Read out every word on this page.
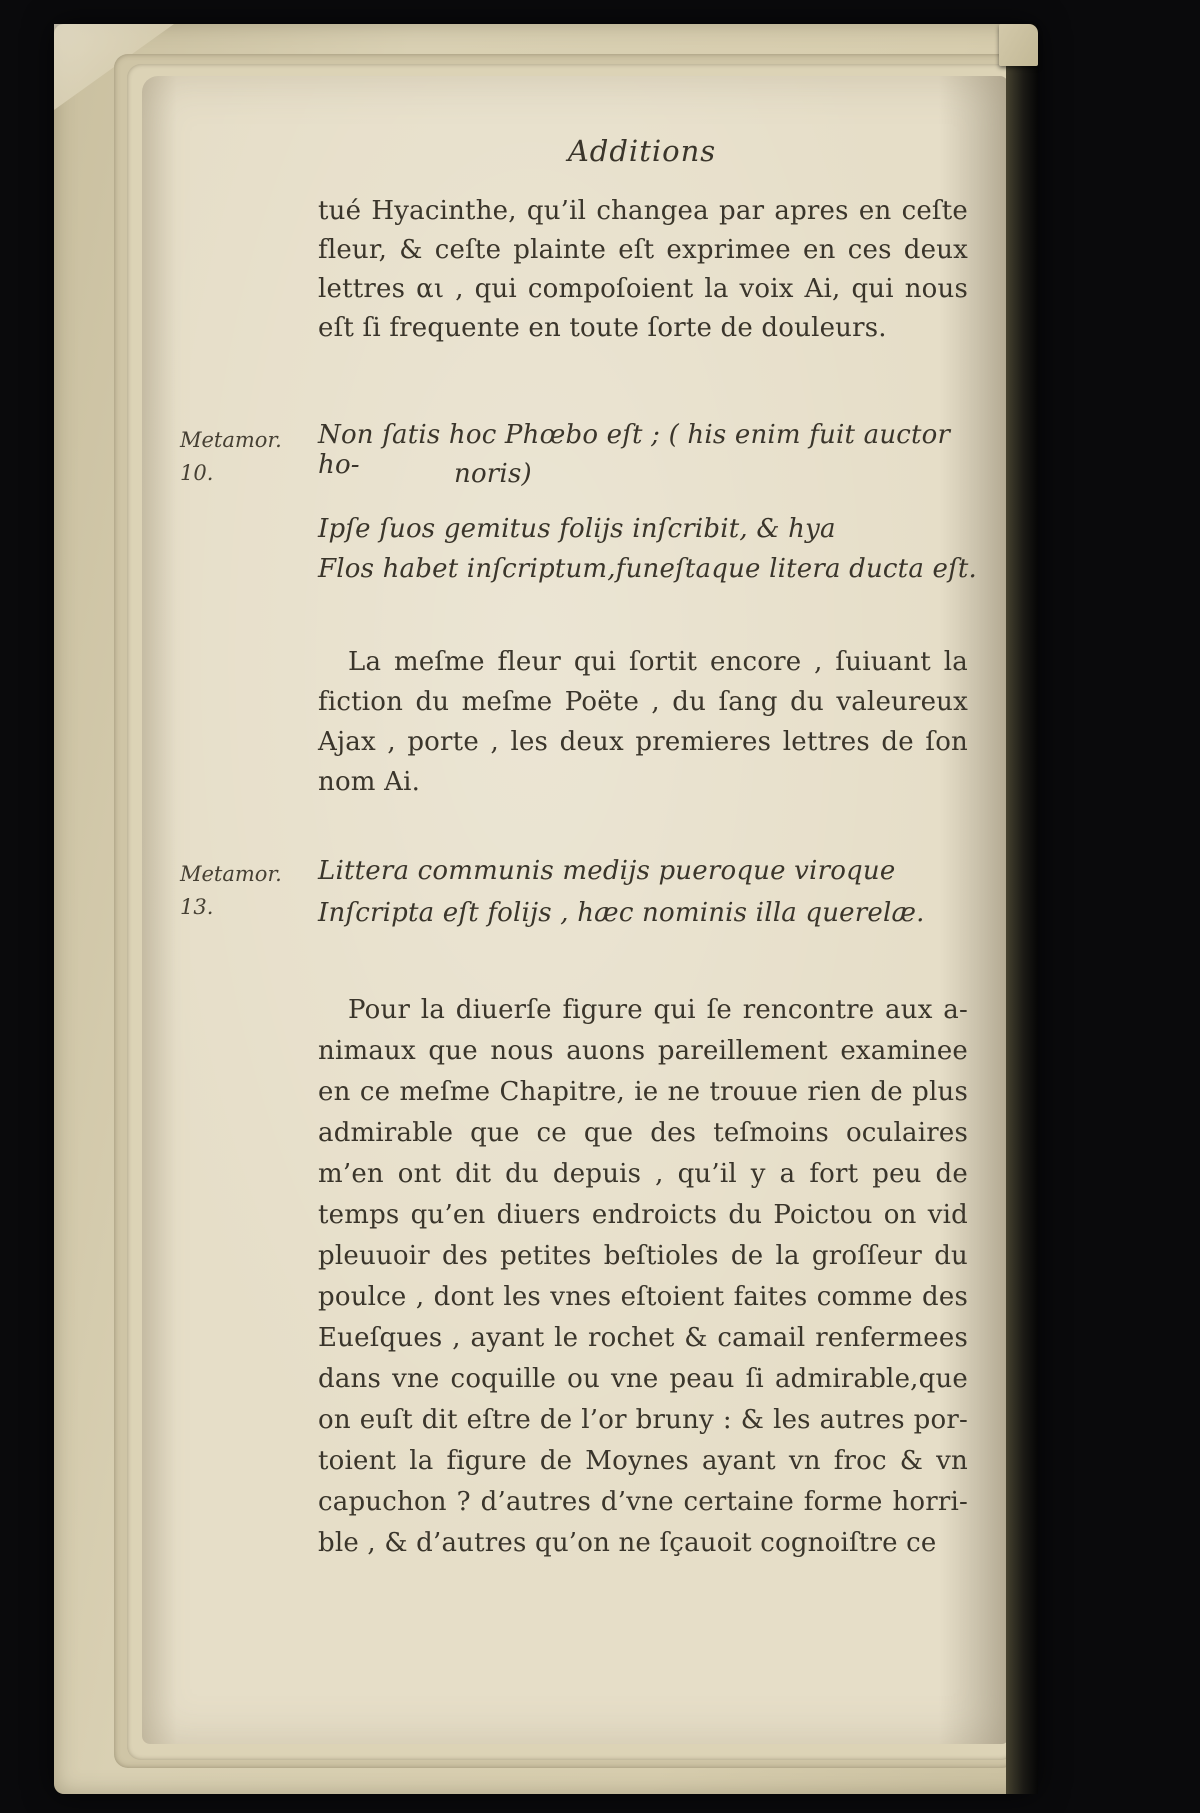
Additions
tué Hyacinthe, qu’il changea par apres en ceſte
fleur, & ceſte plainte eſt exprimee en ces deux
lettres αι , qui compoſoient la voix Ai, qui nous
eſt ſi frequente en toute ſorte de douleurs.
Metamor.
10.
Non ſatis hoc Phœbo eſt ; ( his enim fuit auctor ho-	noris)
Ipſe ſuos gemitus folijs inſcribit, & hya
Flos habet inſcriptum,funeſtaque litera ducta eſt.
La meſme fleur qui ſortit encore , ſuiuant la
fiction du meſme Poëte , du ſang du valeureux
Ajax , porte , les deux premieres lettres de ſon
nom Ai.
Metamor.
13.
Littera communis medijs pueroque viroque
Inſcripta eſt folijs , hæc nominis illa querelæ.
Pour la diuerſe figure qui ſe rencontre aux a-
nimaux que nous auons pareillement examinee
en ce meſme Chapitre, ie ne trouue rien de plus
admirable que ce que des teſmoins oculaires
m’en ont dit du depuis , qu’il y a fort peu de
temps qu’en diuers endroicts du Poictou on vid
pleuuoir des petites beſtioles de la groſſeur du
poulce , dont les vnes eſtoient faites comme des
Eueſques , ayant le rochet & camail renfermees
dans vne coquille ou vne peau ſi admirable,que
on euſt dit eſtre de l’or bruny : & les autres por-
toient la figure de Moynes ayant vn froc & vn
capuchon ? d’autres d’vne certaine forme horri-
ble , & d’autres qu’on ne ſçauoit cognoiſtre ce
